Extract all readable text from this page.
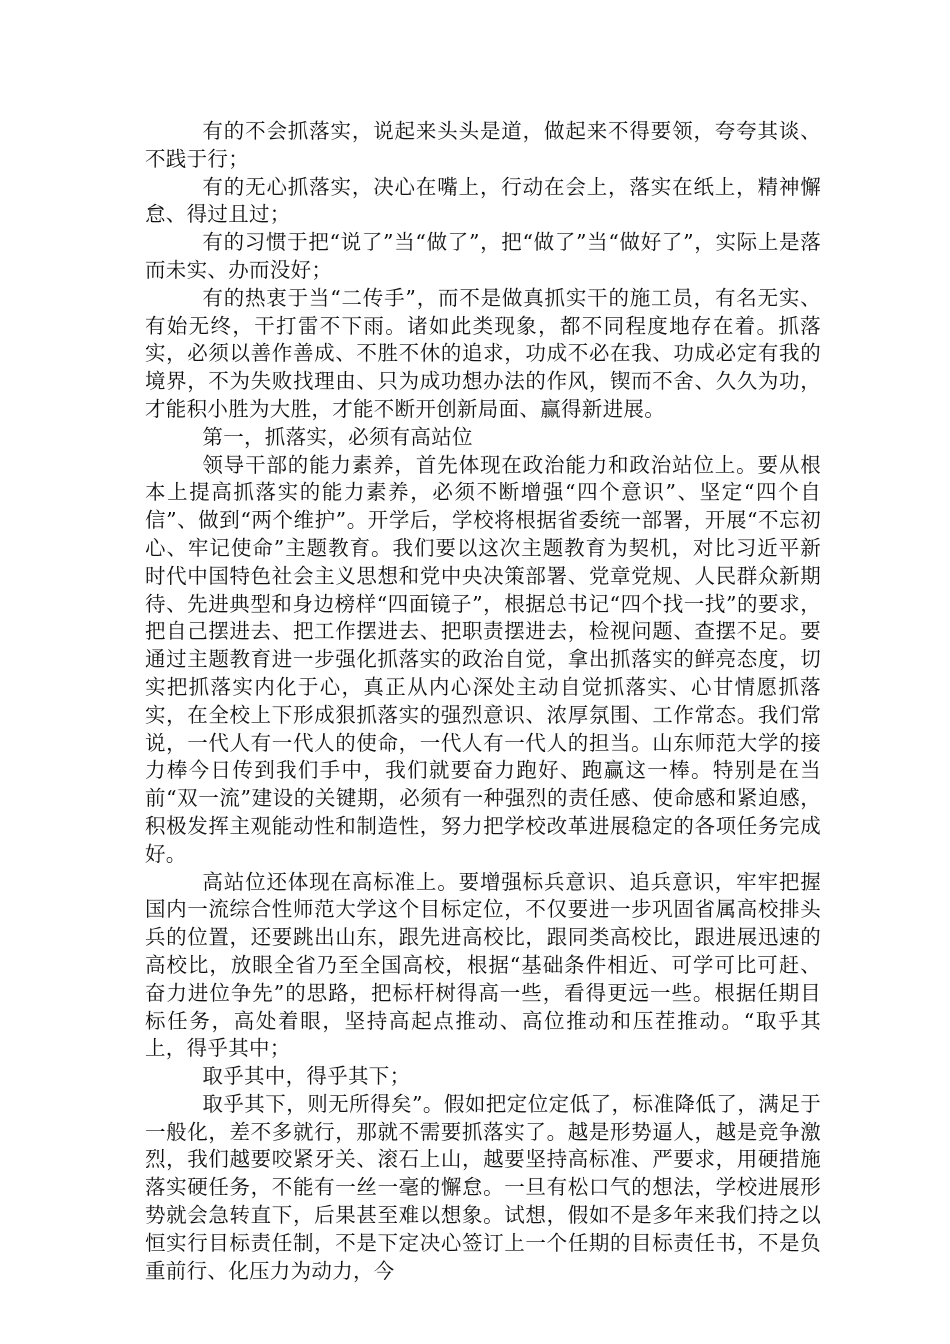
有的不会抓落实，说起来头头是道，做起来不得要领，夸夸其谈、不践于行；

有的无心抓落实，决心在嘴上，行动在会上，落实在纸上，精神懈怠、得过且过；

有的习惯于把“说了”当“做了”，把“做了”当“做好了”，实际上是落而未实、办而没好；

有的热衷于当“二传手”，而不是做真抓实干的施工员，有名无实、有始无终，干打雷不下雨。诸如此类现象，都不同程度地存在着。抓落实，必须以善作善成、不胜不休的追求，功成不必在我、功成必定有我的境界，不为失败找理由、只为成功想办法的作风，锲而不舍、久久为功，才能积小胜为大胜，才能不断开创新局面、赢得新进展。

第一，抓落实，必须有高站位

领导干部的能力素养，首先体现在政治能力和政治站位上。要从根本上提高抓落实的能力素养，必须不断增强“四个意识”、坚定“四个自信”、做到“两个维护”。开学后，学校将根据省委统一部署，开展“不忘初心、牢记使命”主题教育。我们要以这次主题教育为契机，对比习近平新时代中国特色社会主义思想和党中央决策部署、党章党规、人民群众新期待、先进典型和身边榜样“四面镜子”，根据总书记“四个找一找”的要求，把自己摆进去、把工作摆进去、把职责摆进去，检视问题、查摆不足。要通过主题教育进一步强化抓落实的政治自觉，拿出抓落实的鲜亮态度，切实把抓落实内化于心，真正从内心深处主动自觉抓落实、心甘情愿抓落实，在全校上下形成狠抓落实的强烈意识、浓厚氛围、工作常态。我们常说，一代人有一代人的使命，一代人有一代人的担当。山东师范大学的接力棒今日传到我们手中，我们就要奋力跑好、跑赢这一棒。特别是在当前“双一流”建设的关键期，必须有一种强烈的责任感、使命感和紧迫感，积极发挥主观能动性和制造性，努力把学校改革进展稳定的各项任务完成好。

高站位还体现在高标准上。要增强标兵意识、追兵意识，牢牢把握国内一流综合性师范大学这个目标定位，不仅要进一步巩固省属高校排头兵的位置，还要跳出山东，跟先进高校比，跟同类高校比，跟进展迅速的高校比，放眼全省乃至全国高校，根据“基础条件相近、可学可比可赶、奋力进位争先”的思路，把标杆树得高一些，看得更远一些。根据任期目标任务，高处着眼，坚持高起点推动、高位推动和压茬推动。“取乎其上，得乎其中；

取乎其中，得乎其下；

取乎其下，则无所得矣”。假如把定位定低了，标准降低了，满足于一般化，差不多就行，那就不需要抓落实了。越是形势逼人，越是竞争激烈，我们越要咬紧牙关、滚石上山，越要坚持高标准、严要求，用硬措施落实硬任务，不能有一丝一毫的懈怠。一旦有松口气的想法，学校进展形势就会急转直下，后果甚至难以想象。试想，假如不是多年来我们持之以恒实行目标责任制，不是下定决心签订上一个任期的目标责任书，不是负重前行、化压力为动力，今
